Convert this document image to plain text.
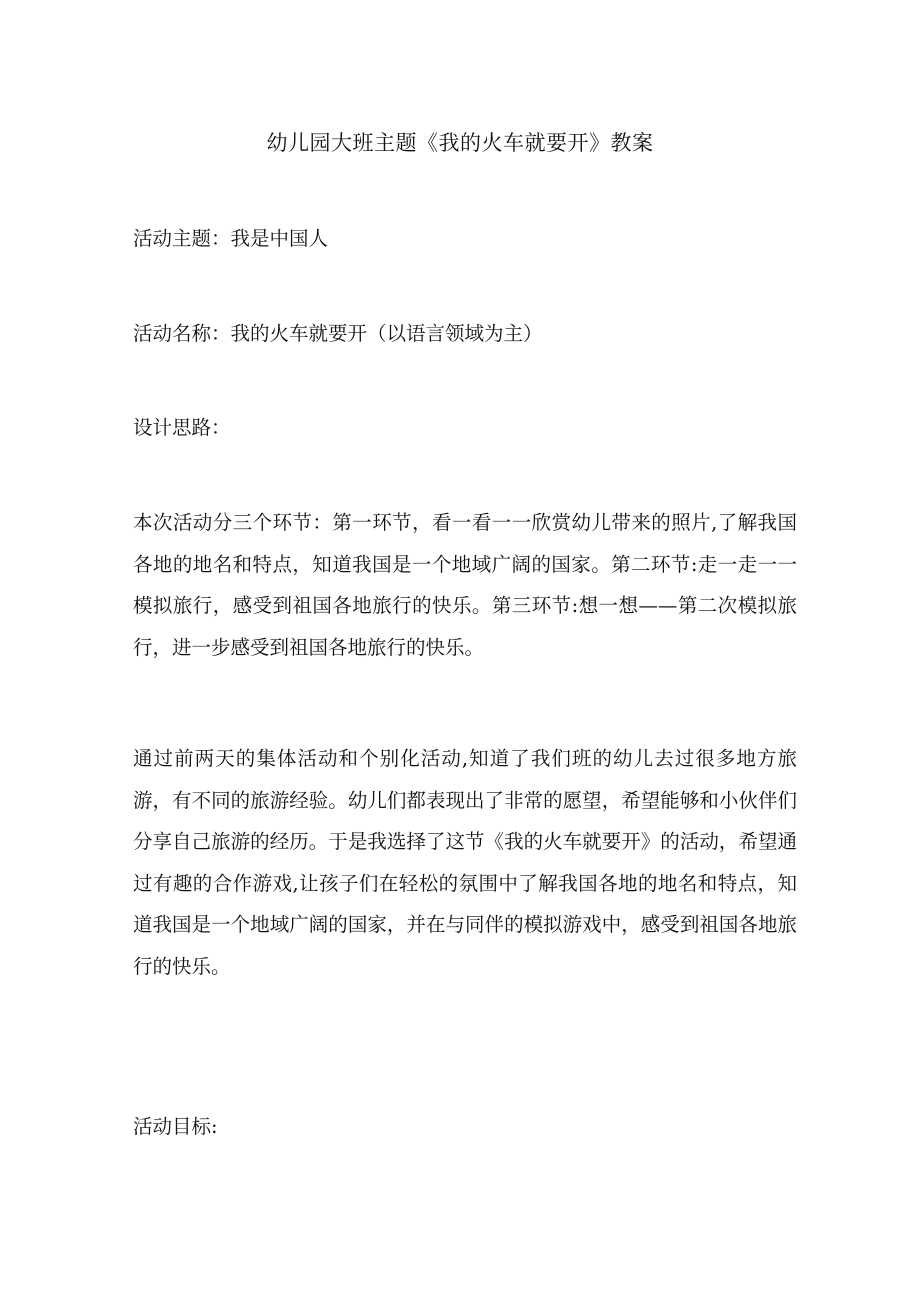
幼儿园大班主题《我的火车就要开》教案

活动主题：我是中国人

活动名称：我的火车就要开（以语言领域为主）

设计思路：

本次活动分三个环节：第一环节，看一看一一欣赏幼儿带来的照片,了解我国各地的地名和特点，知道我国是一个地域广阔的国家。第二环节:走一走一一模拟旅行，感受到祖国各地旅行的快乐。第三环节:想一想——第二次模拟旅行，进一步感受到祖国各地旅行的快乐。

通过前两天的集体活动和个别化活动,知道了我们班的幼儿去过很多地方旅游，有不同的旅游经验。幼儿们都表现出了非常的愿望，希望能够和小伙伴们分享自己旅游的经历。于是我选择了这节《我的火车就要开》的活动，希望通过有趣的合作游戏,让孩子们在轻松的氛围中了解我国各地的地名和特点，知道我国是一个地域广阔的国家，并在与同伴的模拟游戏中，感受到祖国各地旅行的快乐。

活动目标:
